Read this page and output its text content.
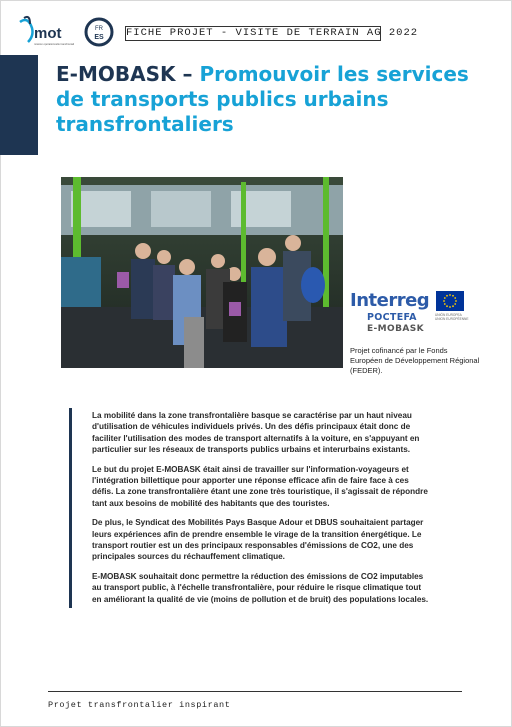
mot
mission opérationnelle transfrontalière
FR
ES FICHE PROJET - VISITE DE TERRAIN AG 2022
E-MOBASK – Promouvoir les services de transports publics urbains transfrontaliers
Interreg
POCTEFA
E-MOBASK
UNIÓN EUROPEA UNION EUROPÉENNE
Projet cofinancé par le Fonds Européen de Développement Régional (FEDER).

La mobilité dans la zone transfrontalière basque se caractérise par un haut niveau d'utilisation de véhicules individuels privés. Un des défis principaux était donc de faciliter l'utilisation des modes de transport alternatifs à la voiture, en s'appuyant en particulier sur les réseaux de transports publics urbains et interurbains existants.

Le but du projet E-MOBASK était ainsi de travailler sur l'information-voyageurs et l'intégration billettique pour apporter une réponse efficace afin de faire face à ces défis. La zone transfrontalière étant une zone très touristique, il s'agissait de répondre tant aux besoins de mobilité des habitants que des touristes.

De plus, le Syndicat des Mobilités Pays Basque Adour et DBUS souhaitaient partager leurs expériences afin de prendre ensemble le virage de la transition énergétique. Le transport routier est un des principaux responsables d'émissions de CO2, une des principales sources du réchauffement climatique.

E-MOBASK souhaitait donc permettre la réduction des émissions de CO2 imputables au transport public, à l'échelle transfrontalière, pour réduire le risque climatique tout en améliorant la qualité de vie (moins de pollution et de bruit) des populations locales.

Projet transfrontalier inspirant
